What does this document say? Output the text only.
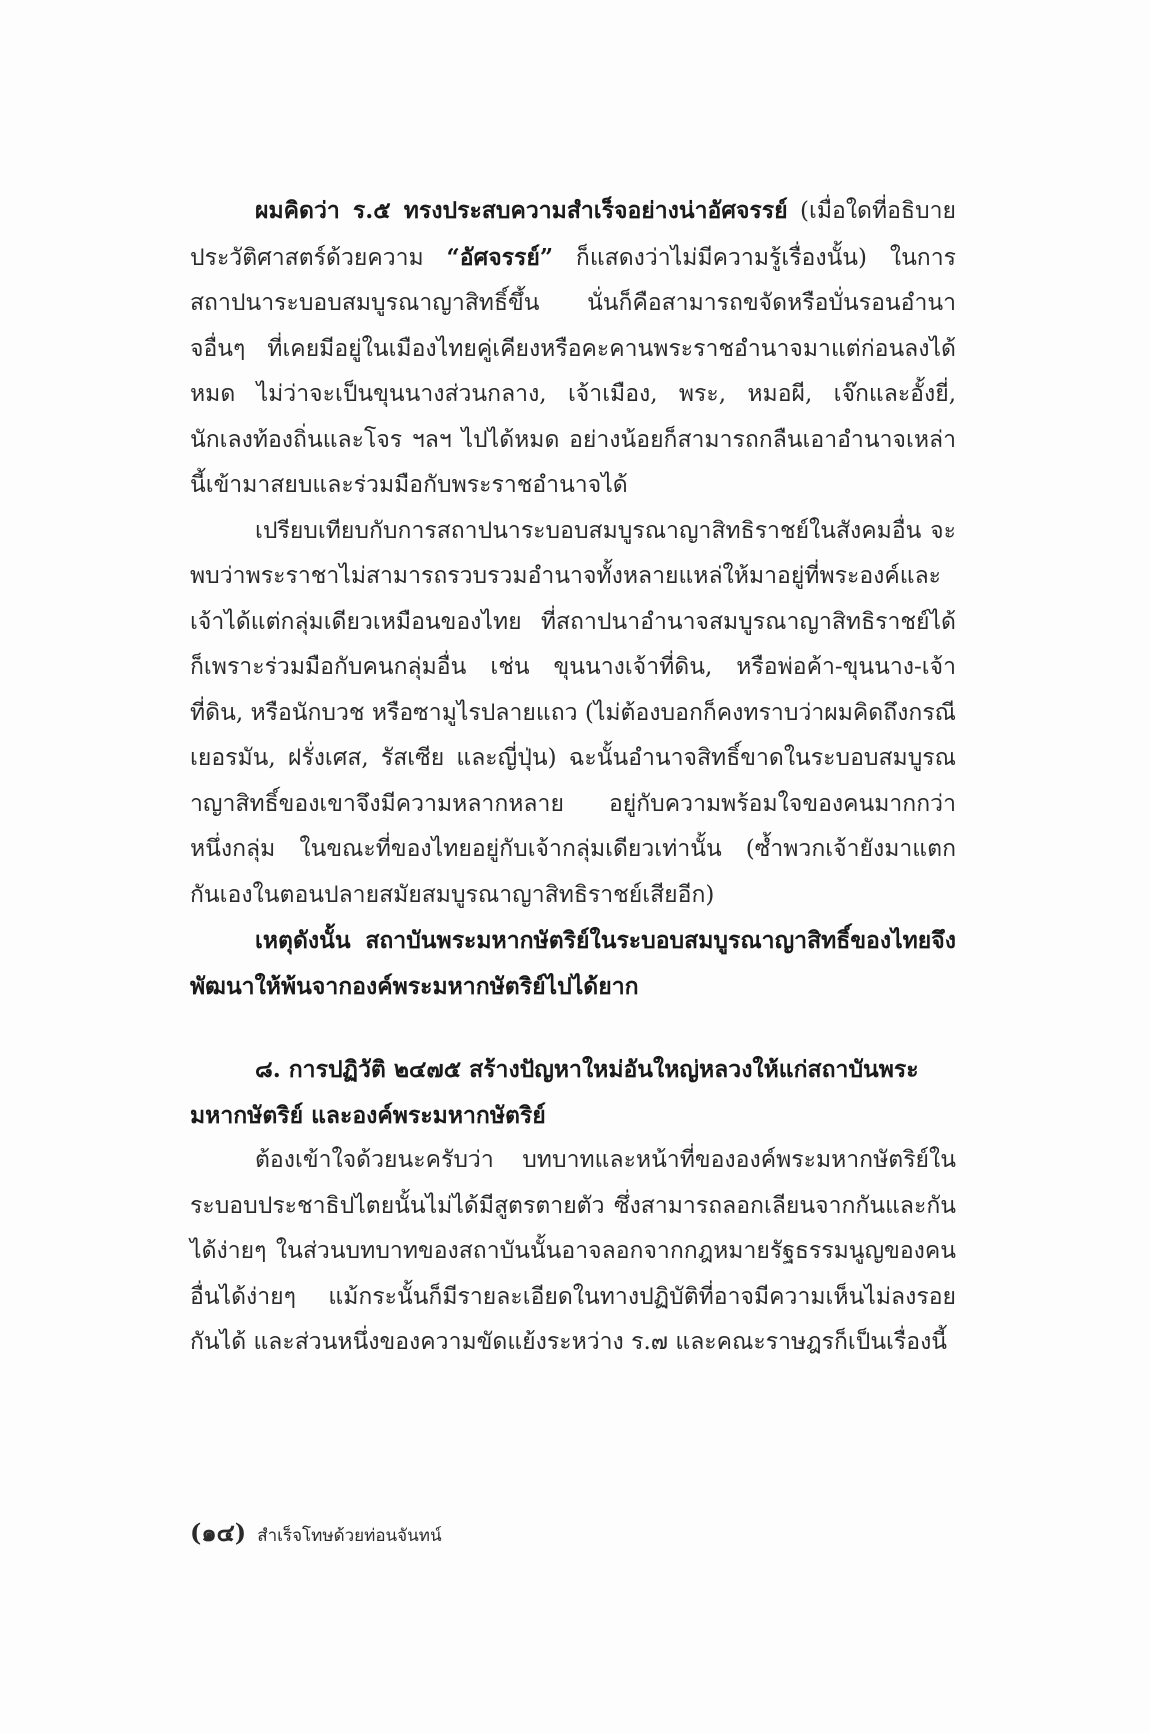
ผมคิดว่า ร.๕ ทรงประสบความสำเร็จอย่างน่าอัศจรรย์ (เมื่อใดที่อธิบายประวัติศาสตร์ด้วยความ “อัศจรรย์” ก็แสดงว่าไม่มีความรู้เรื่องนั้น) ในการสถาปนาระบอบสมบูรณาญาสิทธิ์ขึ้น นั่นก็คือสามารถขจัดหรือบั่นรอนอำนาจอื่นๆ ที่เคยมีอยู่ในเมืองไทยคู่เคียงหรือคะคานพระราชอำนาจมาแต่ก่อนลงได้หมด ไม่ว่าจะเป็นขุนนางส่วนกลาง, เจ้าเมือง, พระ, หมอผี, เจ๊กและอั้งยี่, นักเลงท้องถิ่นและโจร ฯลฯ ไปได้หมด อย่างน้อยก็สามารถกลืนเอาอำนาจเหล่านี้เข้ามาสยบและร่วมมือกับพระราชอำนาจได้

เปรียบเทียบกับการสถาปนาระบอบสมบูรณาญาสิทธิราชย์ในสังคมอื่น จะพบว่าพระราชาไม่สามารถรวบรวมอำนาจทั้งหลายแหล่ให้มาอยู่ที่พระองค์และเจ้าได้แต่กลุ่มเดียวเหมือนของไทย ที่สถาปนาอำนาจสมบูรณาญาสิทธิราชย์ได้ก็เพราะร่วมมือกับคนกลุ่มอื่น เช่น ขุนนางเจ้าที่ดิน, หรือพ่อค้า-ขุนนาง-เจ้าที่ดิน, หรือนักบวช หรือซามูไรปลายแถว (ไม่ต้องบอกก็คงทราบว่าผมคิดถึงกรณีเยอรมัน, ฝรั่งเศส, รัสเซีย และญี่ปุ่น) ฉะนั้นอำนาจสิทธิ์ขาดในระบอบสมบูรณาญาสิทธิ์ของเขาจึงมีความหลากหลาย อยู่กับความพร้อมใจของคนมากกว่าหนึ่งกลุ่ม ในขณะที่ของไทยอยู่กับเจ้ากลุ่มเดียวเท่านั้น (ซ้ำพวกเจ้ายังมาแตกกันเองในตอนปลายสมัยสมบูรณาญาสิทธิราชย์เสียอีก)

เหตุดังนั้น สถาบันพระมหากษัตริย์ในระบอบสมบูรณาญาสิทธิ์ของไทยจึงพัฒนาให้พ้นจากองค์พระมหากษัตริย์ไปได้ยาก

๘. การปฏิวัติ ๒๔๗๕ สร้างปัญหาใหม่อันใหญ่หลวงให้แก่สถาบันพระมหากษัตริย์ และองค์พระมหากษัตริย์

ต้องเข้าใจด้วยนะครับว่า บทบาทและหน้าที่ขององค์พระมหากษัตริย์ในระบอบประชาธิปไตยนั้นไม่ได้มีสูตรตายตัว ซึ่งสามารถลอกเลียนจากกันและกันได้ง่ายๆ ในส่วนบทบาทของสถาบันนั้นอาจลอกจากกฎหมายรัฐธรรมนูญของคนอื่นได้ง่ายๆ แม้กระนั้นก็มีรายละเอียดในทางปฏิบัติที่อาจมีความเห็นไม่ลงรอยกันได้ และส่วนหนึ่งของความขัดแย้งระหว่าง ร.๗ และคณะราษฎรก็เป็นเรื่องนี้

(๑๔) สำเร็จโทษด้วยท่อนจันทน์
